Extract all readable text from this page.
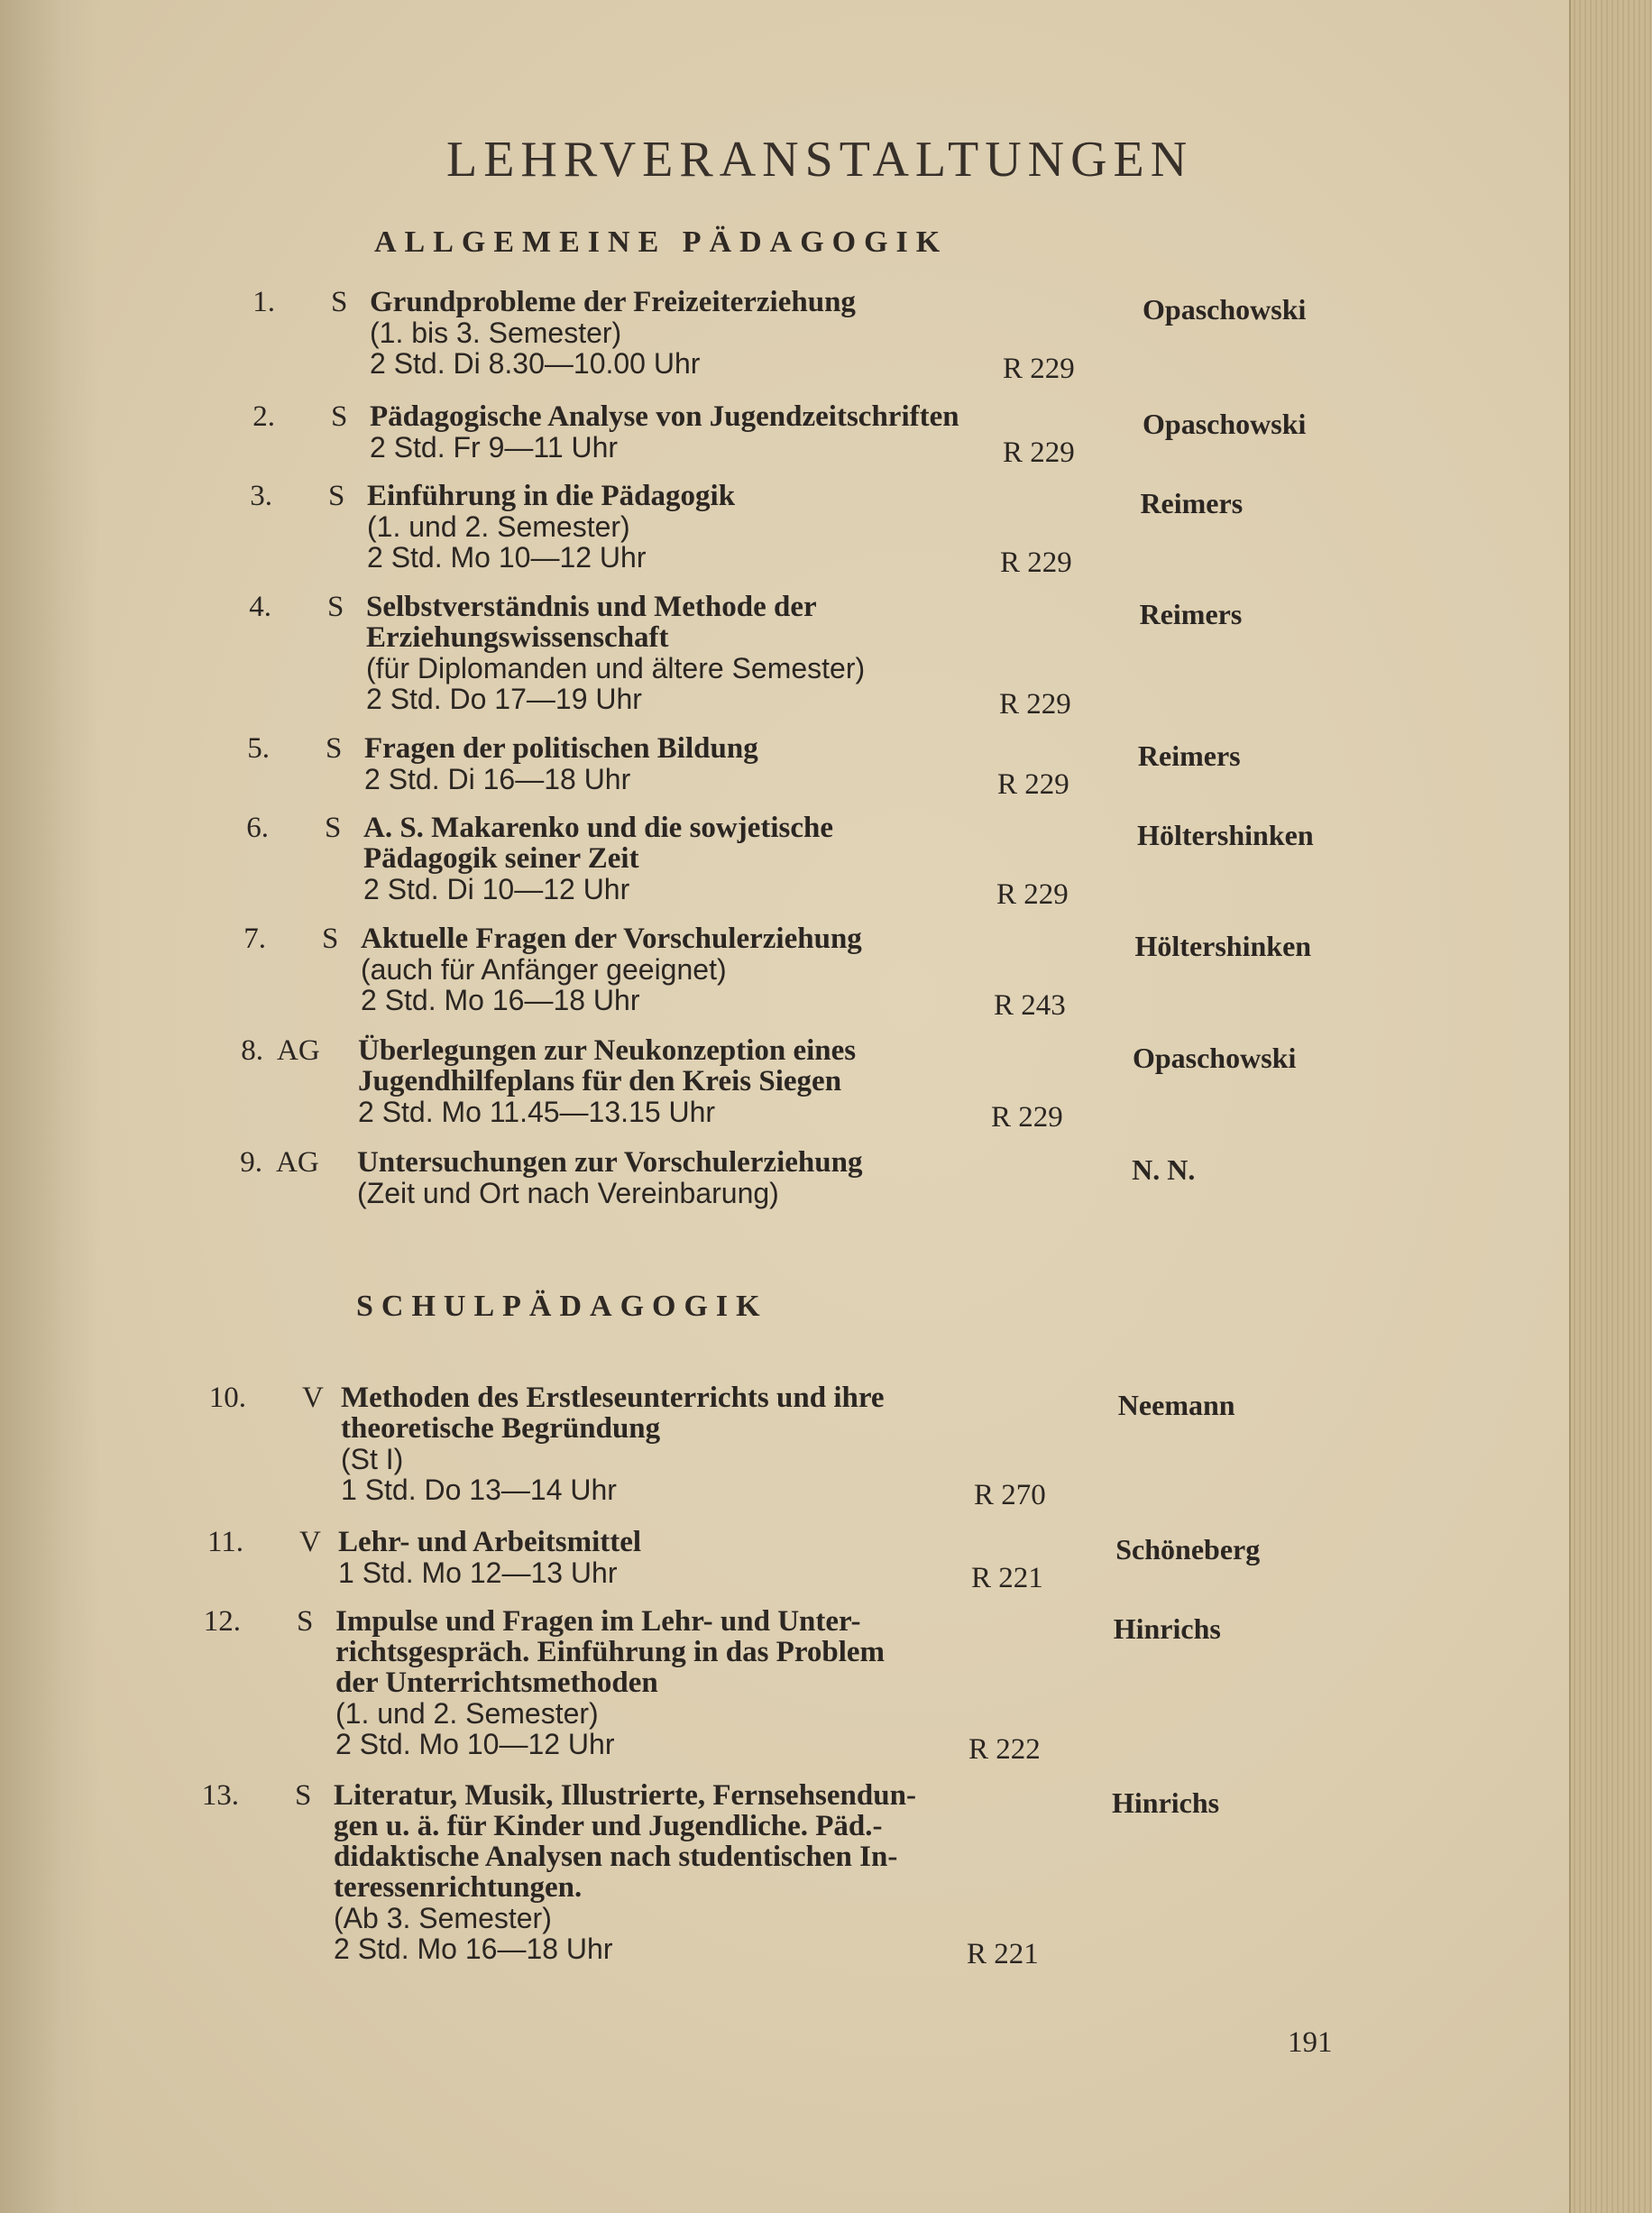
LEHRVERANSTALTUNGEN
ALLGEMEINE PÄDAGOGIK
SCHULPÄDAGOGIK
1. S Grundprobleme der Freizeiterziehung
(1. bis 3. Semester)
2 Std. Di 8.30—10.00 Uhr	R 229
Opaschowski
2. S Pädagogische Analyse von Jugendzeitschriften
2 Std. Fr 9—11 Uhr	R 229
Opaschowski
3. S Einführung in die Pädagogik
(1. und 2. Semester)
2 Std. Mo 10—12 Uhr	R 229
Reimers
4. S Selbstverständnis und Methode der
Erziehungswissenschaft
(für Diplomanden und ältere Semester)
2 Std. Do 17—19 Uhr	R 229
Reimers
5. S Fragen der politischen Bildung
2 Std. Di 16—18 Uhr	R 229
Reimers
6. S A. S. Makarenko und die sowjetische
Pädagogik seiner Zeit
2 Std. Di 10—12 Uhr	R 229
Höltershinken
7. S Aktuelle Fragen der Vorschulerziehung
(auch für Anfänger geeignet)
2 Std. Mo 16—18 Uhr	R 243
Höltershinken
8. AG Überlegungen zur Neukonzeption eines
Jugendhilfeplans für den Kreis Siegen
2 Std. Mo 11.45—13.15 Uhr	R 229
Opaschowski
9. AG Untersuchungen zur Vorschulerziehung
(Zeit und Ort nach Vereinbarung)
N. N.
10. V Methoden des Erstleseunterrichts und ihre
theoretische Begründung
(St I)
1 Std. Do 13—14 Uhr	R 270
Neemann
11. V Lehr- und Arbeitsmittel
1 Std. Mo 12—13 Uhr	R 221
Schöneberg
12. S Impulse und Fragen im Lehr- und Unter-
richtsgespräch. Einführung in das Problem
der Unterrichtsmethoden
(1. und 2. Semester)
2 Std. Mo 10—12 Uhr	R 222
Hinrichs
13. S Literatur, Musik, Illustrierte, Fernsehsendun-
gen u. ä. für Kinder und Jugendliche. Päd.-
didaktische Analysen nach studentischen In-
teressenrichtungen.
(Ab 3. Semester)
2 Std. Mo 16—18 Uhr	R 221
Hinrichs
191
